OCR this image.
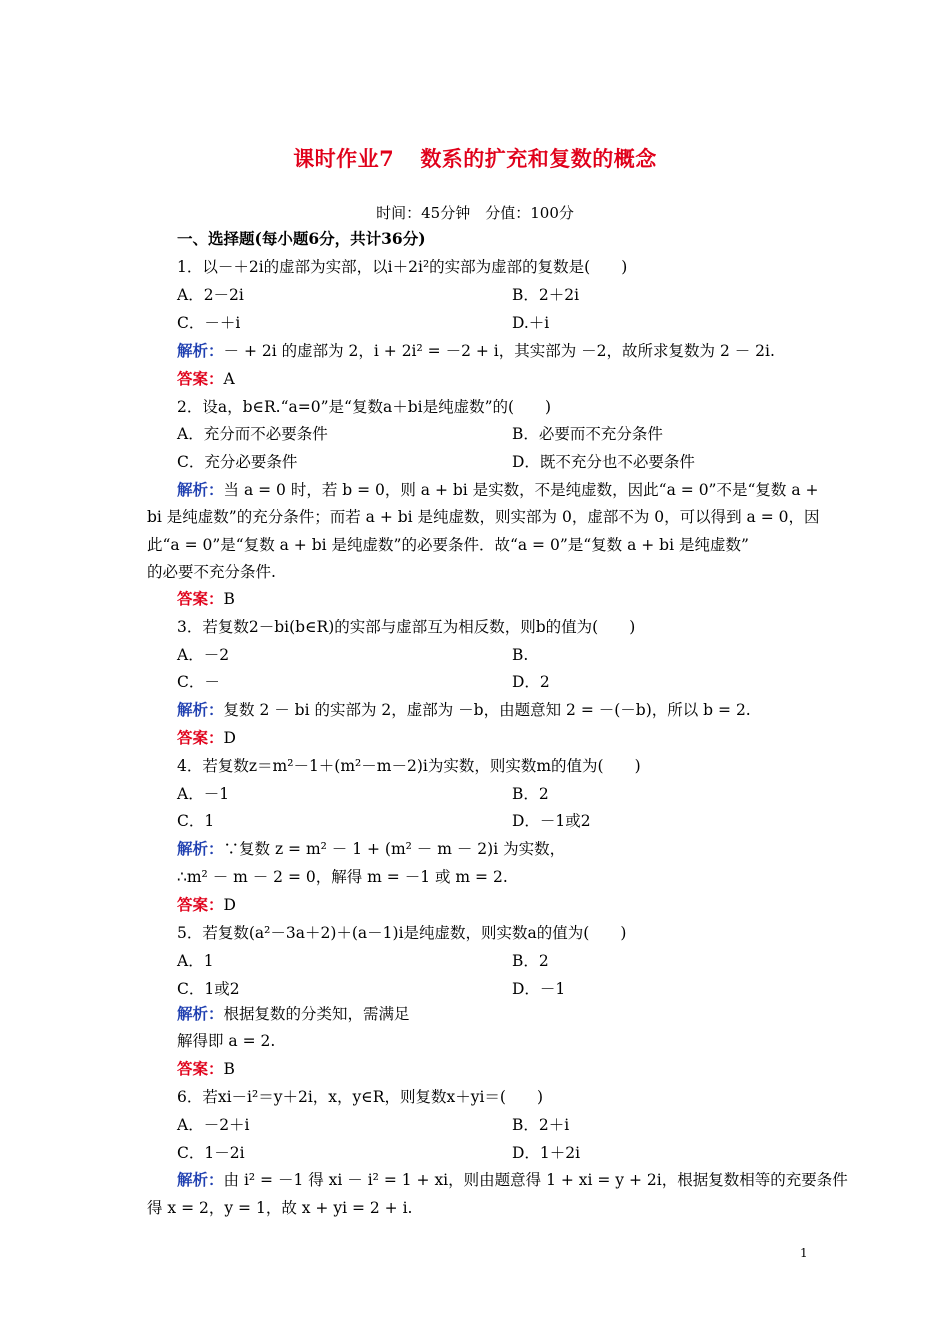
课时作业7 数系的扩充和复数的概念
时间：45分钟　分值：100分
一、选择题(每小题6分，共计36分)
1．以－＋2i的虚部为实部，以i＋2i²的实部为虚部的复数是(　　)
A．2－2i	B．2＋2i
C．－＋i	D.＋i
解析：－ + 2i 的虚部为 2，i + 2i² = －2 + i，其实部为 －2，故所求复数为 2 － 2i.
答案：A
2．设a，b∈R.“a=0”是“复数a＋bi是纯虚数”的(　　)
A．充分而不必要条件	B．必要而不充分条件
C．充分必要条件	D．既不充分也不必要条件
解析：当 a = 0 时，若 b = 0，则 a + bi 是实数，不是纯虚数，因此“a = 0”不是“复数 a +
bi 是纯虚数”的充分条件；而若 a + bi 是纯虚数，则实部为 0，虚部不为 0，可以得到 a = 0，因
此“a = 0”是“复数 a + bi 是纯虚数”的必要条件．故“a = 0”是“复数 a + bi 是纯虚数”
的必要不充分条件.
答案：B
3．若复数2－bi(b∈R)的实部与虚部互为相反数，则b的值为(　　)
A．－2	B.
C．－	D．2
解析：复数 2 － bi 的实部为 2，虚部为 －b，由题意知 2 = －(－b)，所以 b = 2.
答案：D
4．若复数z＝m²－1＋(m²－m－2)i为实数，则实数m的值为(　　)
A．－1	B．2
C．1	D．－1或2
解析：∵复数 z = m² － 1 + (m² － m － 2)i 为实数，
∴m² － m － 2 = 0，解得 m = －1 或 m = 2.
答案：D
5．若复数(a²－3a＋2)＋(a－1)i是纯虚数，则实数a的值为(　　)
A．1	B．2
C．1或2	D．－1
解析：根据复数的分类知，需满足
解得即 a = 2.
答案：B
6．若xi－i²＝y＋2i，x，y∈R，则复数x＋yi＝(　　)
A．－2＋i	B．2＋i
C．1－2i	D．1＋2i
解析：由 i² = －1 得 xi － i² = 1 + xi，则由题意得 1 + xi = y + 2i，根据复数相等的充要条件
得 x = 2，y = 1，故 x + yi = 2 + i.
1
